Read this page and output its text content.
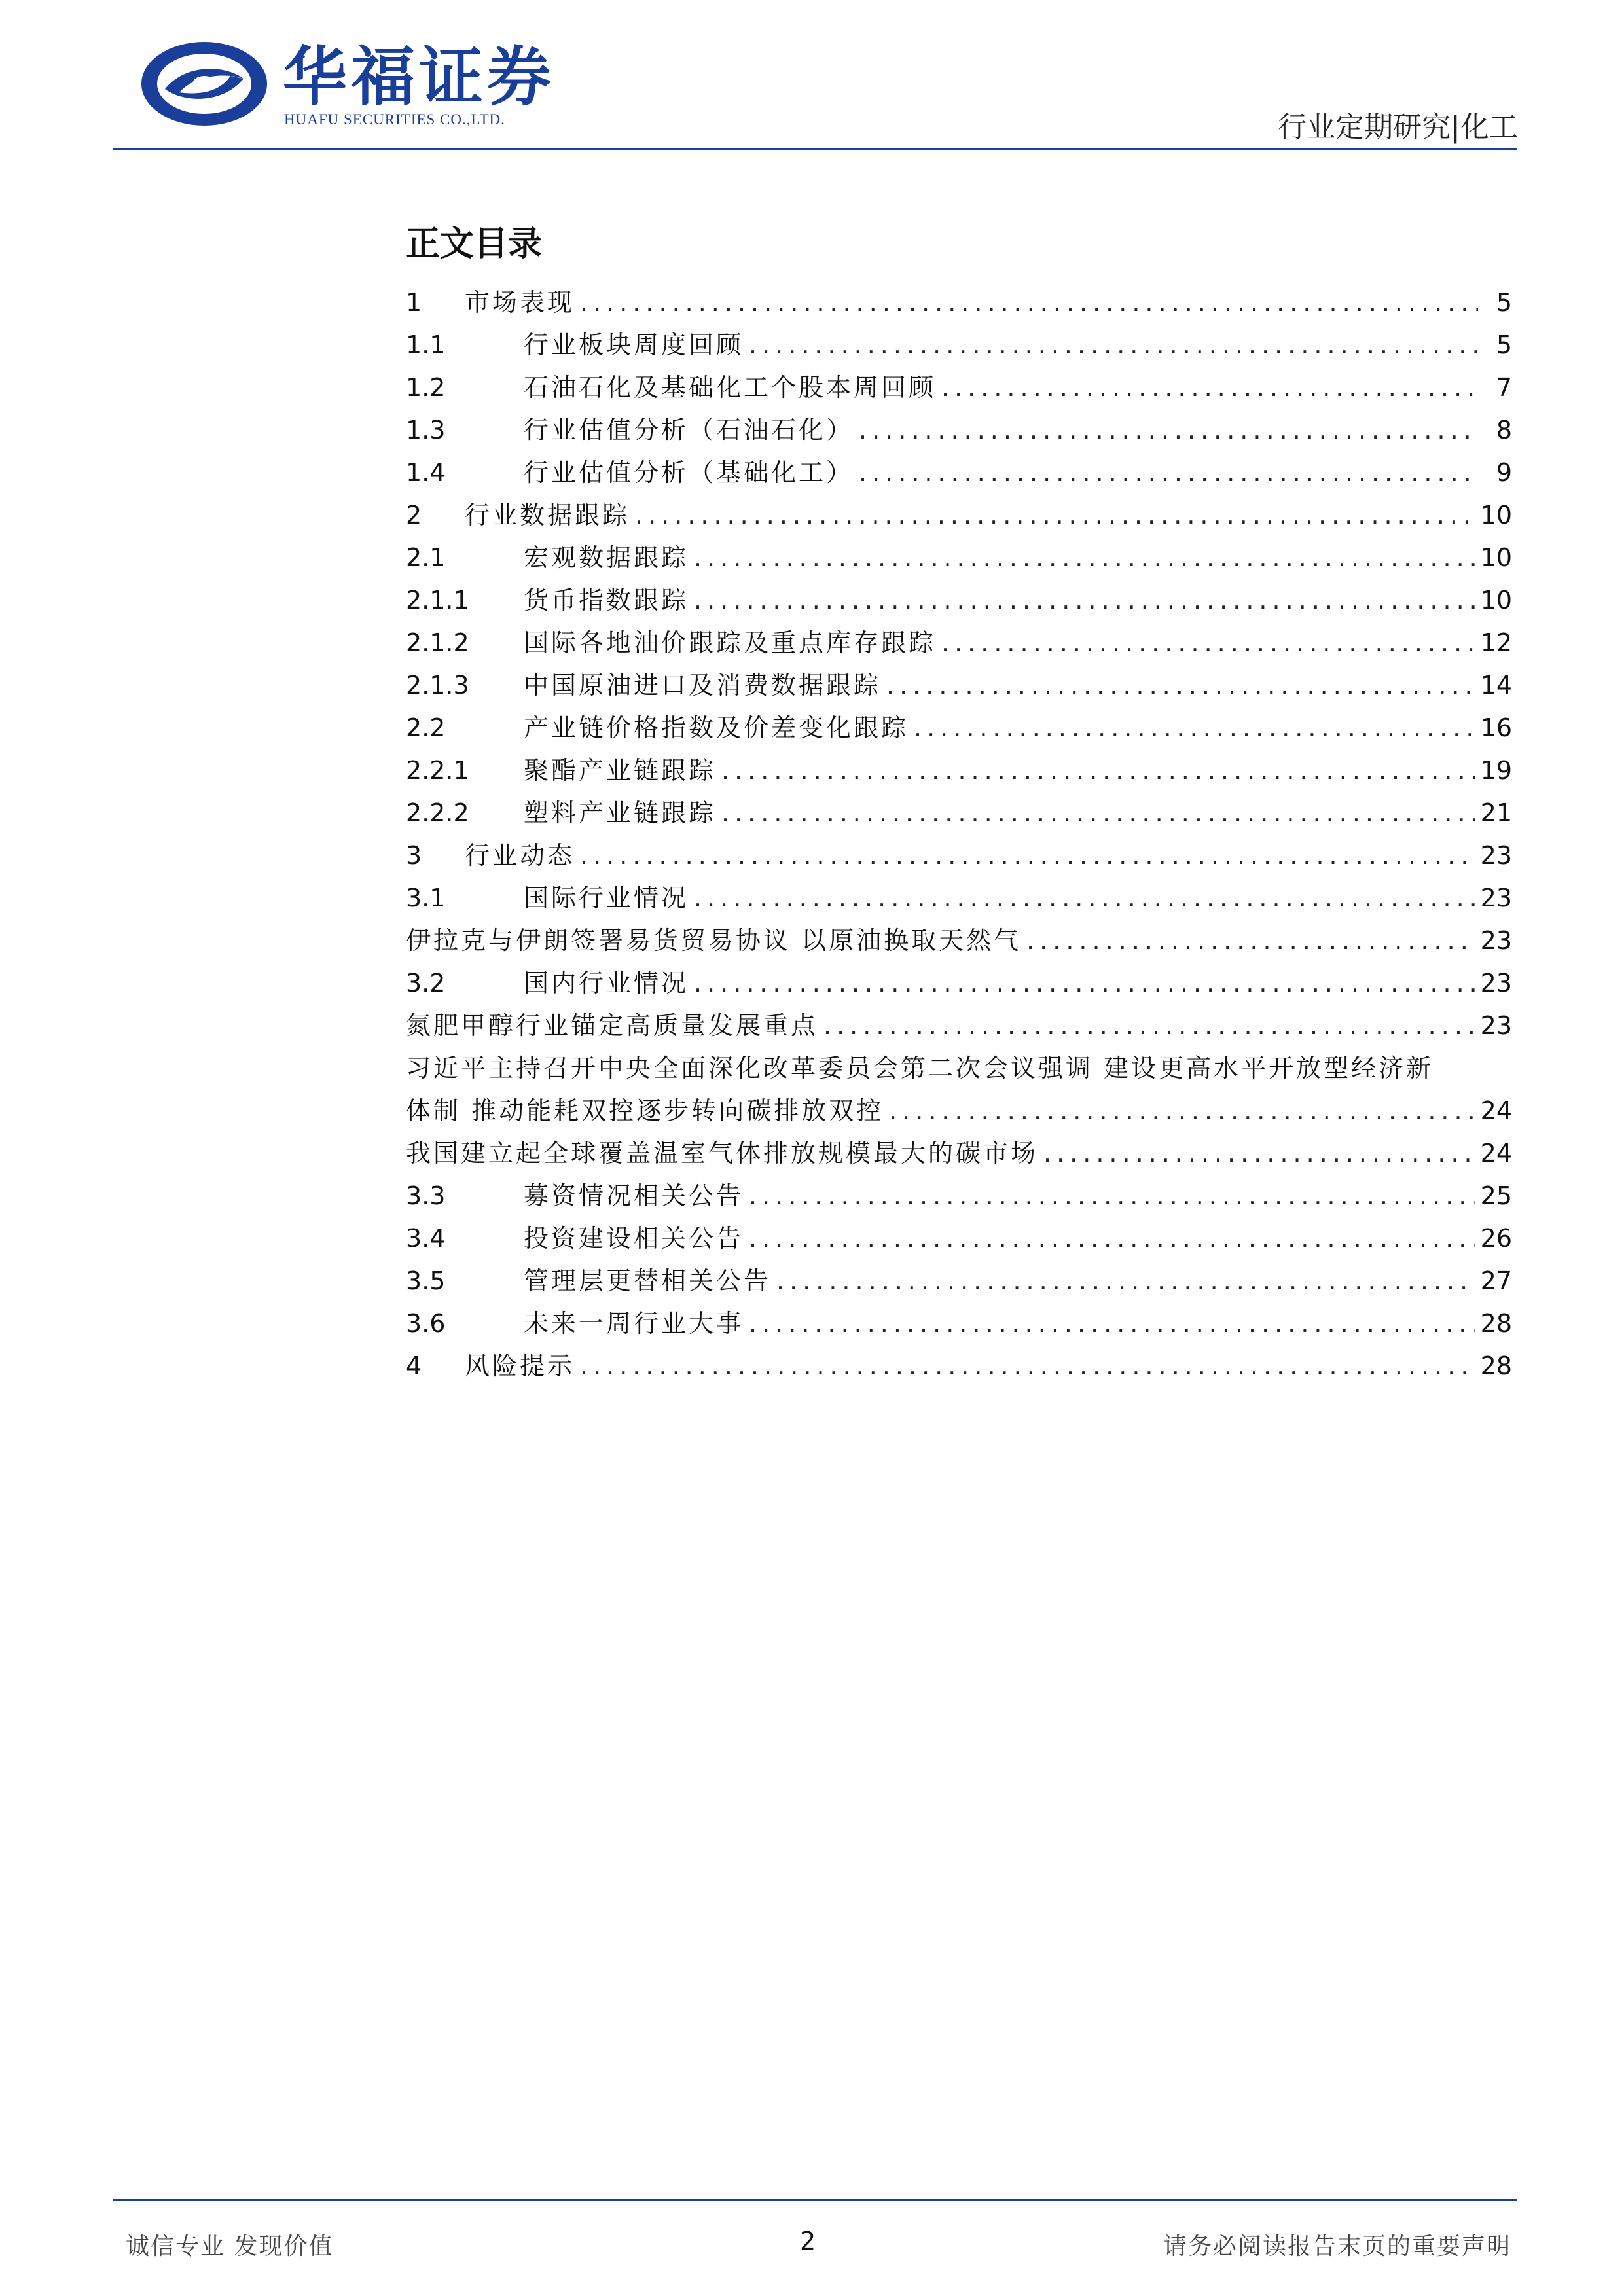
华福证券
HUAFU SECURITIES CO.,LTD.	行业定期研究|化工
正文目录
1	市场表现 .....	5
1.1	行业板块周度回顾 .....	5
1.2	石油石化及基础化工个股本周回顾 .....	7
1.3	行业估值分析（石油石化） .....	8
1.4	行业估值分析（基础化工） .....	9
2	行业数据跟踪 .....	10
2.1	宏观数据跟踪 .....	10
2.1.1	货币指数跟踪 .....	10
2.1.2	国际各地油价跟踪及重点库存跟踪 .....	12
2.1.3	中国原油进口及消费数据跟踪 .....	14
2.2	产业链价格指数及价差变化跟踪 .....	16
2.2.1	聚酯产业链跟踪 .....	19
2.2.2	塑料产业链跟踪 .....	21
3	行业动态 .....	23
3.1	国际行业情况 .....	23
伊拉克与伊朗签署易货贸易协议 以原油换取天然气 .....	23
3.2	国内行业情况 .....	23
氮肥甲醇行业锚定高质量发展重点 .....	23
习近平主持召开中央全面深化改革委员会第二次会议强调 建设更高水平开放型经济新
体制 推动能耗双控逐步转向碳排放双控 .....	24
我国建立起全球覆盖温室气体排放规模最大的碳市场 .....	24
3.3	募资情况相关公告 .....	25
3.4	投资建设相关公告 .....	26
3.5	管理层更替相关公告 .....	27
3.6	未来一周行业大事 .....	28
4	风险提示 .....	28
诚信专业 发现价值	2	请务必阅读报告末页的重要声明
